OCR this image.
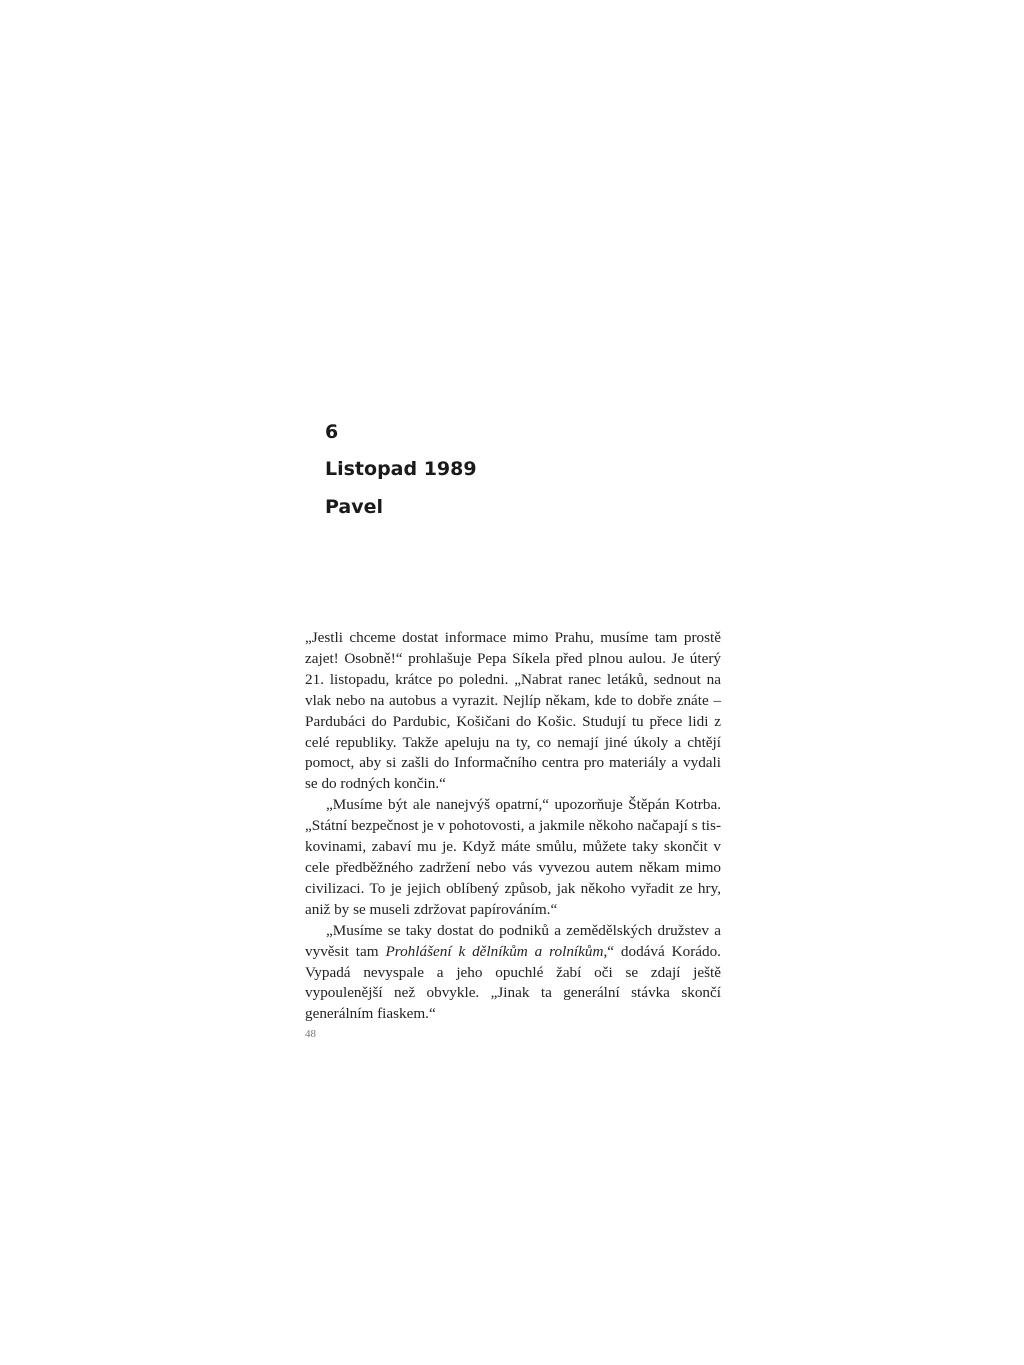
6
Listopad 1989
Pavel

„Jestli chceme dostat informace mimo Prahu, musíme tam prostě zajet! Osobně!“ prohlašuje Pepa Síkela před plnou aulou. Je úterý 21. listopadu, krátce po poledni. „Nabrat ranec letáků, sednout na vlak nebo na autobus a vyrazit. Nejlíp někam, kde to dobře znáte – Pardubáci do Pardubic, Košičani do Košic. Studují tu přece lidi z celé republiky. Takže apeluju na ty, co nemají jiné úkoly a chtějí pomoct, aby si zašli do Informačního centra pro materiály a vydali se do rodných končin.“

„Musíme být ale nanejvýš opatrní,“ upozorňuje Štěpán Kotrba. „Státní bezpečnost je v pohotovosti, a jakmile někoho načapají s tiskovinami, zabaví mu je. Když máte smůlu, můžete taky skončit v cele předběžného zadržení nebo vás vyvezou autem někam mimo civilizaci. To je jejich oblíbený způsob, jak někoho vyřadit ze hry, aniž by se museli zdržovat papírováním.“

„Musíme se taky dostat do podniků a zemědělských družstev a vyvěsit tam Prohlášení k dělníkům a rolníkům,“ dodává Korádo. Vypadá nevyspale a jeho opuchlé žabí oči se zdají ještě vypoulenější než obvykle. „Jinak ta generální stávka skončí generálním fiaskem.“

48
